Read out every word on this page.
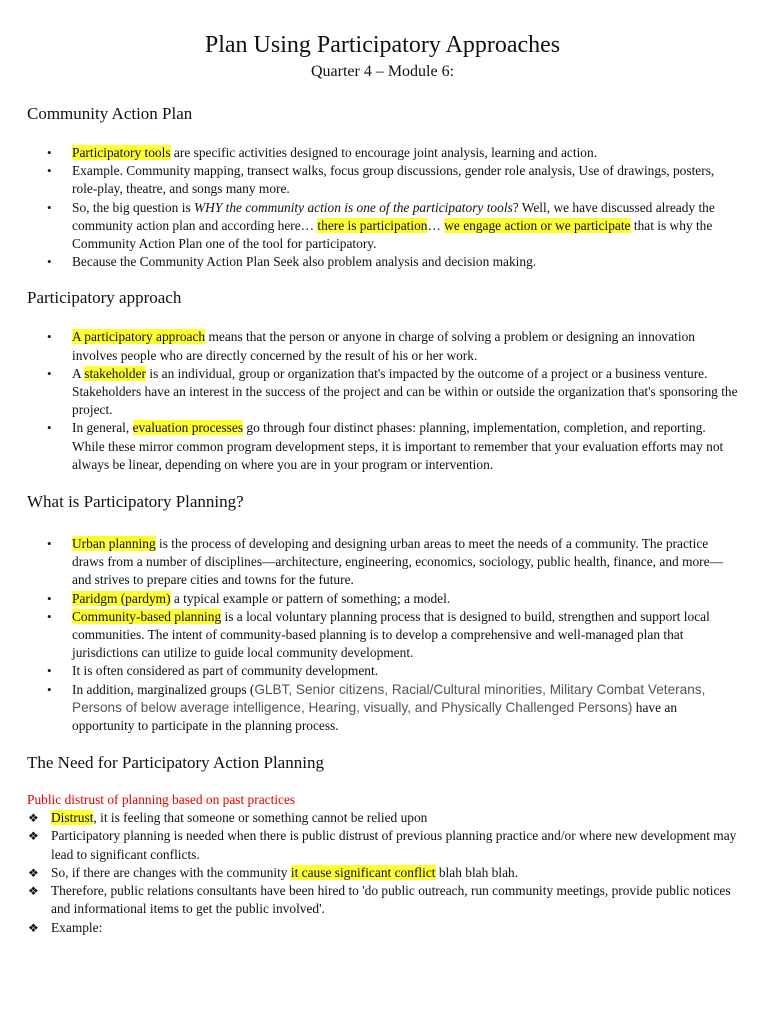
Plan Using Participatory Approaches
Quarter 4 – Module 6:
Community Action Plan
• Participatory tools are specific activities designed to encourage joint analysis, learning and action.
• Example. Community mapping, transect walks, focus group discussions, gender role analysis, Use of drawings, posters, role-play, theatre, and songs many more.
• So, the big question is WHY the community action is one of the participatory tools? Well, we have discussed already the community action plan and according here… there is participation… we engage action or we participate that is why the Community Action Plan one of the tool for participatory.
• Because the Community Action Plan Seek also problem analysis and decision making.
Participatory approach
• A participatory approach means that the person or anyone in charge of solving a problem or designing an innovation involves people who are directly concerned by the result of his or her work.
• A stakeholder is an individual, group or organization that's impacted by the outcome of a project or a business venture. Stakeholders have an interest in the success of the project and can be within or outside the organization that's sponsoring the project.
• In general, evaluation processes go through four distinct phases: planning, implementation, completion, and reporting. While these mirror common program development steps, it is important to remember that your evaluation efforts may not always be linear, depending on where you are in your program or intervention.
What is Participatory Planning?
• Urban planning is the process of developing and designing urban areas to meet the needs of a community. The practice draws from a number of disciplines—architecture, engineering, economics, sociology, public health, finance, and more—and strives to prepare cities and towns for the future.
• Paridgm (pardym) a typical example or pattern of something; a model.
• Community-based planning is a local voluntary planning process that is designed to build, strengthen and support local communities. The intent of community-based planning is to develop a comprehensive and well-managed plan that jurisdictions can utilize to guide local community development.
• It is often considered as part of community development.
• In addition, marginalized groups (GLBT, Senior citizens, Racial/Cultural minorities, Military Combat Veterans, Persons of below average intelligence, Hearing, visually, and Physically Challenged Persons) have an opportunity to participate in the planning process.
The Need for Participatory Action Planning
Public distrust of planning based on past practices
❖ Distrust, it is feeling that someone or something cannot be relied upon
❖ Participatory planning is needed when there is public distrust of previous planning practice and/or where new development may lead to significant conflicts.
❖ So, if there are changes with the community it cause significant conflict blah blah blah.
❖ Therefore, public relations consultants have been hired to 'do public outreach, run community meetings, provide public notices and informational items to get the public involved'.
❖ Example:
